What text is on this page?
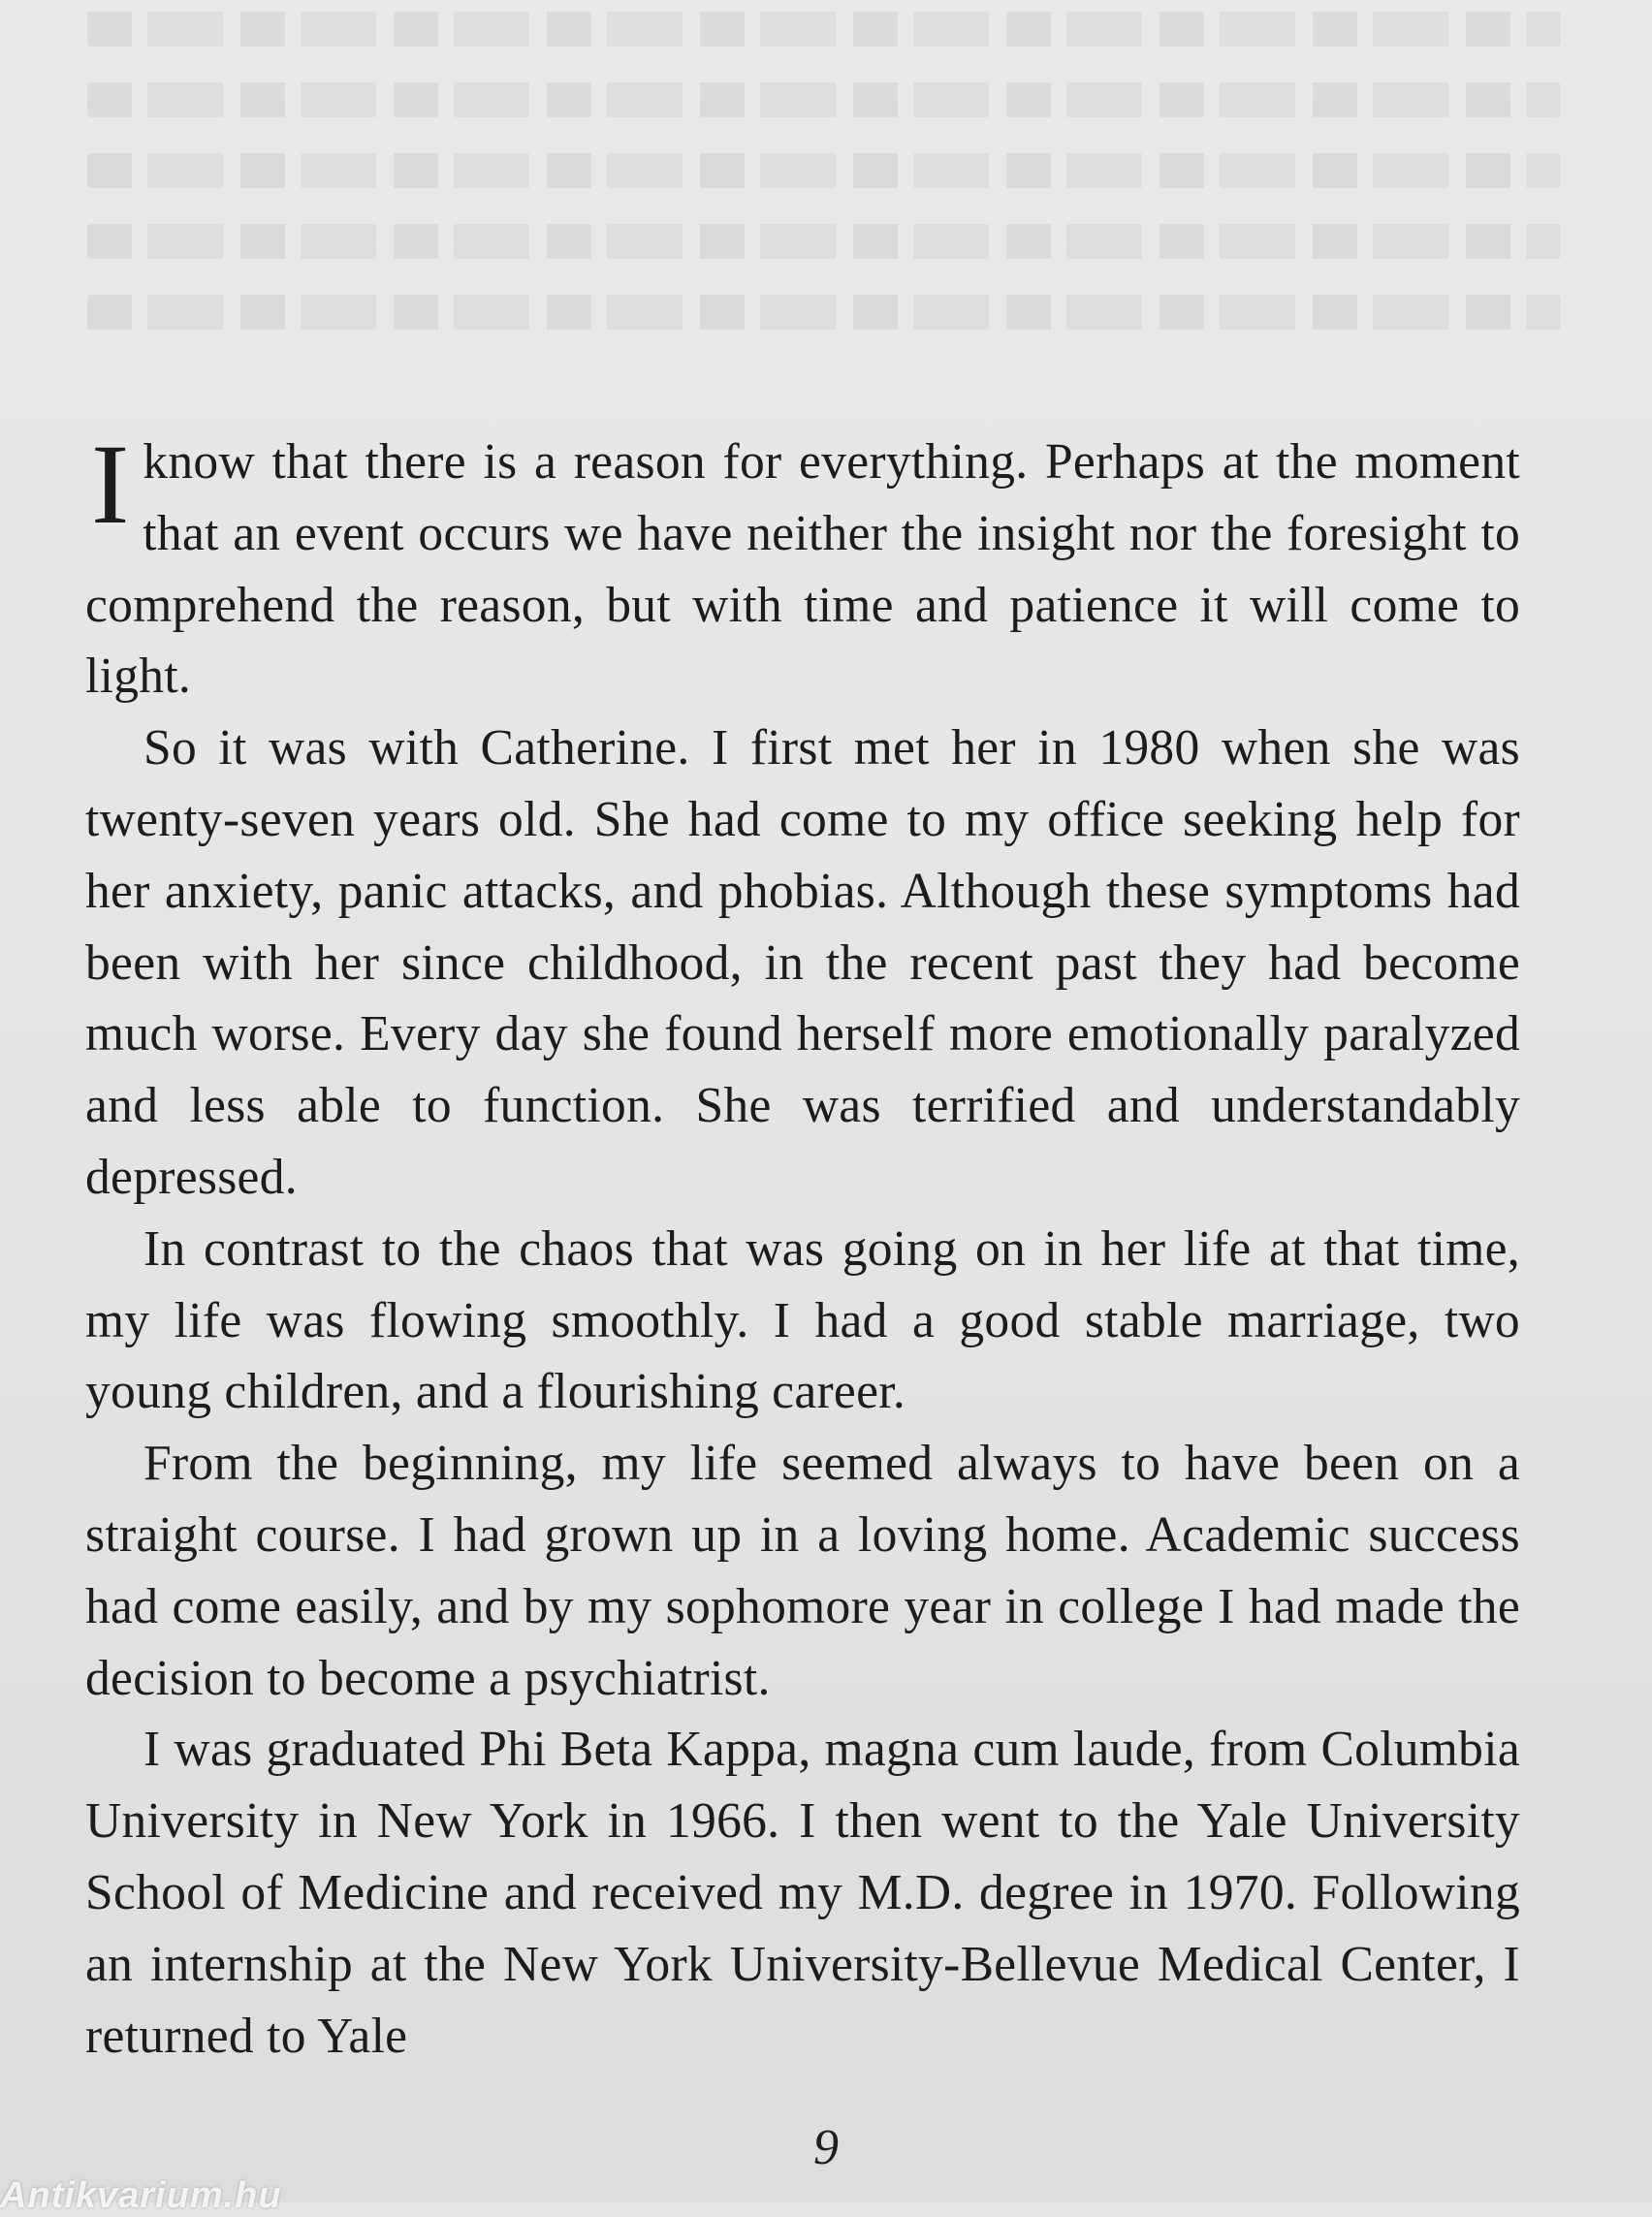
I know that there is a reason for everything. Perhaps at the moment that an event occurs we have neither the insight nor the foresight to comprehend the reason, but with time and patience it will come to light.

So it was with Catherine. I first met her in 1980 when she was twenty-seven years old. She had come to my office seeking help for her anxiety, panic attacks, and phobias. Although these symptoms had been with her since childhood, in the recent past they had become much worse. Every day she found herself more emotionally paralyzed and less able to function. She was terrified and understandably depressed.

In contrast to the chaos that was going on in her life at that time, my life was flowing smoothly. I had a good stable marriage, two young children, and a flourishing career.

From the beginning, my life seemed always to have been on a straight course. I had grown up in a loving home. Academic success had come easily, and by my sophomore year in college I had made the decision to become a psychiatrist.

I was graduated Phi Beta Kappa, magna cum laude, from Columbia University in New York in 1966. I then went to the Yale University School of Medicine and received my M.D. degree in 1970. Following an internship at the New York University-Bellevue Medical Center, I returned to Yale

9
Antikvarium.hu
